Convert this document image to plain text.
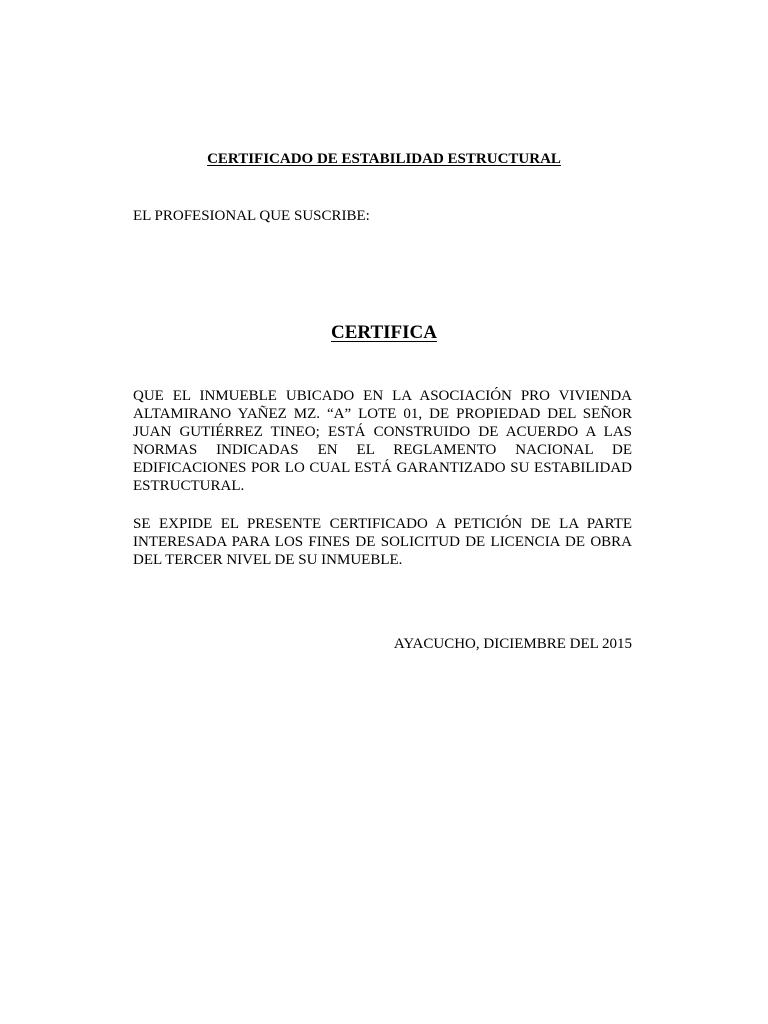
CERTIFICADO DE ESTABILIDAD ESTRUCTURAL

EL PROFESIONAL QUE SUSCRIBE:

CERTIFICA

QUE EL INMUEBLE UBICADO EN LA ASOCIACIÓN PRO VIVIENDA ALTAMIRANO YAÑEZ MZ. “A” LOTE 01, DE PROPIEDAD DEL SEÑOR JUAN GUTIÉRREZ TINEO; ESTÁ CONSTRUIDO DE ACUERDO A LAS NORMAS INDICADAS EN EL REGLAMENTO NACIONAL DE EDIFICACIONES POR LO CUAL ESTÁ GARANTIZADO SU ESTABILIDAD ESTRUCTURAL.

SE EXPIDE EL PRESENTE CERTIFICADO A PETICIÓN DE LA PARTE INTERESADA PARA LOS FINES DE SOLICITUD DE LICENCIA DE OBRA DEL TERCER NIVEL DE SU INMUEBLE.

AYACUCHO, DICIEMBRE DEL 2015
